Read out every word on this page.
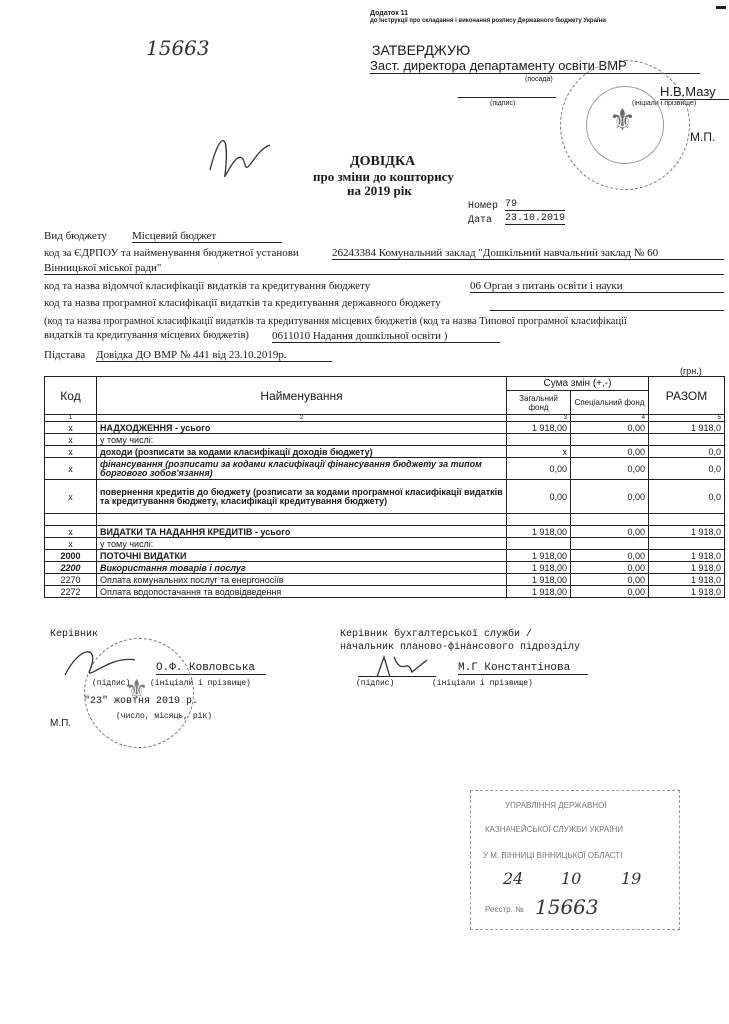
Додаток 11
до Інструкції про складання і виконання розпису Державного бюджету України
15663	ЗАТВЕРДЖУЮ
Заст. директора департаменту освіти ВМР
(посада)
(підпис)
Н.В.Мазу
(ініціали і прізвище)
М.П.
⚜
ДОВІДКА
про зміни до кошторису
на 2019 рік
Номер 79
Дата 23.10.2019
Вид бюджету Місцевий бюджет
код за ЄДРПОУ та найменування бюджетної установи	26243384 Комунальний заклад "Дошкільний навчальний заклад № 60
Вінницької міської ради"
код та назва відомчої класифікації видатків та кредитування бюджету	06 Орган з питань освіти і науки
код та назва програмної класифікації видатків та кредитування державного бюджету
(код та назва програмної класифікації видатків та кредитування місцевих бюджетів (код та назва Типової програмної класифікації
видатків та кредитування місцевих бюджетів) 0611010 Надання дошкільної освіти )
Підстава Довідка ДО ВМР № 441 від 23.10.2019р.
(грн.)
Код	Найменування	Сума змін (+,-)		РАЗОМ
		Загальний фонд	Спеціальний фонд	
1	2	3	4	5
x	НАДХОДЖЕННЯ - усього	1 918,00	0,00	1 918,0
x	у тому числі:			
x	доходи (розписати за кодами класифікації доходів бюджету)	x	0,00	0,0
x	фінансування (розписати за кодами класифікації фінансування бюджету за типом боргового зобов'язання)	0,00	0,00	0,0
x	повернення кредитів до бюджету (розписати за кодами програмної класифікації видатків та кредитування бюджету, класифікації кредитування бюджету)	0,00	0,00	0,0

x	ВИДАТКИ ТА НАДАННЯ КРЕДИТІВ - усього	1 918,00	0,00	1 918,0
x	у тому числі:			
2000	ПОТОЧНІ ВИДАТКИ	1 918,00	0,00	1 918,0
2200	Використання товарів і послуг	1 918,00	0,00	1 918,0
2270	Оплата комунальних послуг та енергоносіїв	1 918,00	0,00	1 918,0
2272	Оплата водопостачання та водовідведення	1 918,00	0,00	1 918,0
Керівник
О.Ф. Ковловська
(підпис) (ініціали і прізвище)
"23" жовтня 2019 р.
(число, місяць, рік)
М.П.
⚜
Керівник бухгалтерської служби /
начальник планово-фінансового підрозділу
М.Г Константінова
(підпис)	(ініціали і прізвище)
УПРАВЛІННЯ ДЕРЖАВНОЇ
КАЗНАЧЕЙСЬКОЇ СЛУЖБИ УКРАЇНИ
У М. ВІННИЦІ ВІННИЦЬКОЇ ОБЛАСТІ
24 10 19
Реєстр. № 15663
